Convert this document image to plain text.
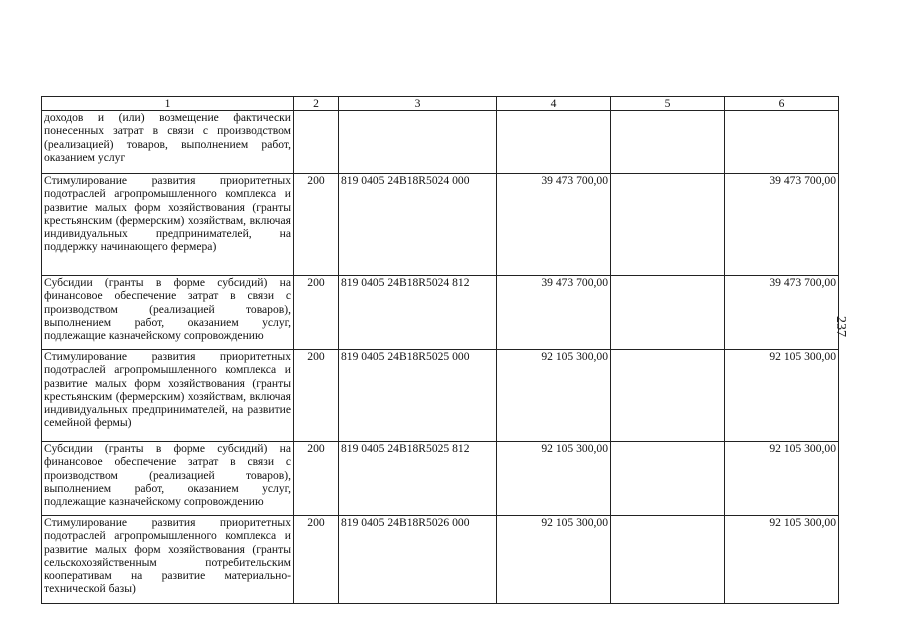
1	2	3	4	5	6
доходов и (или) возмещение фактически понесенных затрат в связи с производством (реализацией) товаров, выполнением работ, оказанием услуг					
Стимулирование развития приоритетных подотраслей агропромышленного комплекса и развитие малых форм хозяйствования (гранты крестьянским (фермерским) хозяйствам, включая индивидуальных предпринимателей, на поддержку начинающего фермера)	200	819 0405 24B18R5024 000	39 473 700,00		39 473 700,00
Субсидии (гранты в форме субсидий) на финансовое обеспечение затрат в связи с производством (реализацией товаров), выполнением работ, оказанием услуг, подлежащие казначейскому сопровождению	200	819 0405 24B18R5024 812	39 473 700,00		39 473 700,00
Стимулирование развития приоритетных подотраслей агропромышленного комплекса и развитие малых форм хозяйствования (гранты крестьянским (фермерским) хозяйствам, включая индивидуальных предпринимателей, на развитие семейной фермы)	200	819 0405 24B18R5025 000	92 105 300,00		92 105 300,00
Субсидии (гранты в форме субсидий) на финансовое обеспечение затрат в связи с производством (реализацией товаров), выполнением работ, оказанием услуг, подлежащие казначейскому сопровождению	200	819 0405 24B18R5025 812	92 105 300,00		92 105 300,00
Стимулирование развития приоритетных подотраслей агропромышленного комплекса и развитие малых форм хозяйствования (гранты сельскохозяйственным потребительским кооперативам на развитие материально-технической базы)	200	819 0405 24B18R5026 000	92 105 300,00		92 105 300,00
237
